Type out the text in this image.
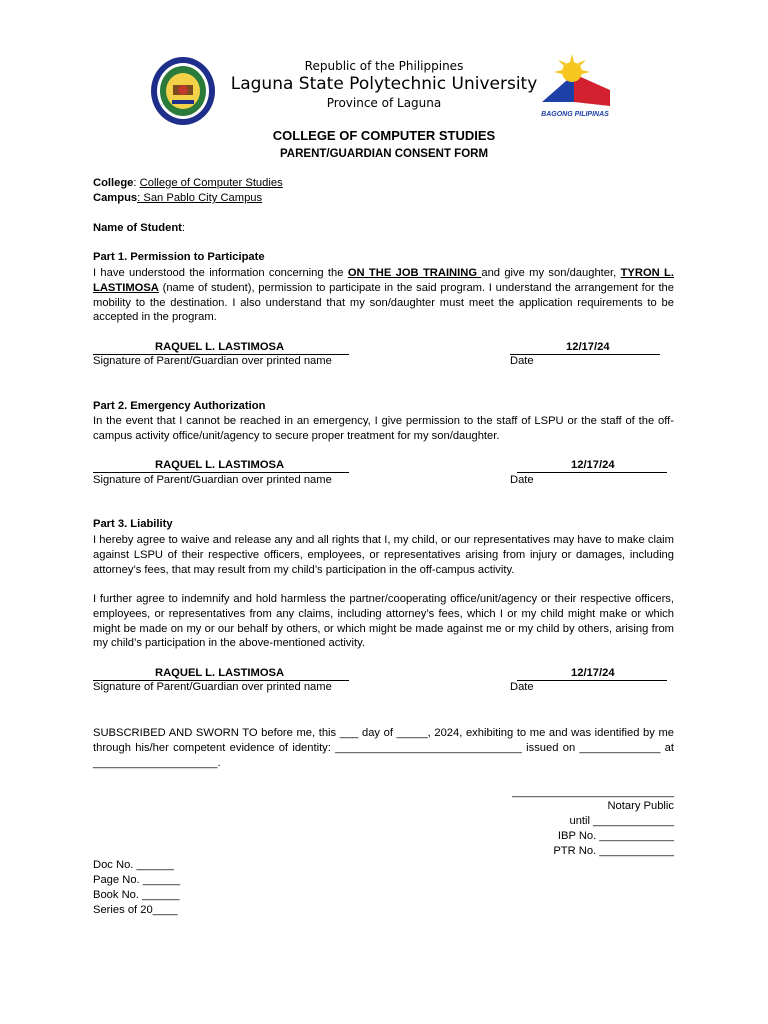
BAGONG PILIPINAS
Republic of the Philippines
Laguna State Polytechnic University
Province of Laguna
COLLEGE OF COMPUTER STUDIES
PARENT/GUARDIAN CONSENT FORM
College: College of Computer Studies
Campus: San Pablo City Campus
Name of Student:
Part 1. Permission to Participate
I have understood the information concerning the ON THE JOB TRAINING and give my son/daughter, TYRON L. LASTIMOSA (name of student), permission to participate in the said program. I understand the arrangement for the mobility to the destination. I also understand that my son/daughter must meet the application requirements to be accepted in the program.
RAQUEL L. LASTIMOSA
Signature of Parent/Guardian over printed name
12/17/24
Date
Part 2. Emergency Authorization
In the event that I cannot be reached in an emergency, I give permission to the staff of LSPU or the staff of the off-campus activity office/unit/agency to secure proper treatment for my son/daughter.
RAQUEL L. LASTIMOSA
Signature of Parent/Guardian over printed name
12/17/24
Date
Part 3. Liability
I hereby agree to waive and release any and all rights that I, my child, or our representatives may have to make claim against LSPU of their respective officers, employees, or representatives arising from injury or damages, including attorney’s fees, that may result from my child’s participation in the off-campus activity.
I further agree to indemnify and hold harmless the partner/cooperating office/unit/agency or their respective officers, employees, or representatives from any claims, including attorney’s fees, which I or my child might make or which might be made on my or our behalf by others, or which might be made against me or my child by others, arising from my child’s participation in the above-mentioned activity.
RAQUEL L. LASTIMOSA
Signature of Parent/Guardian over printed name
12/17/24
Date
SUBSCRIBED AND SWORN TO before me, this ___ day of _____, 2024, exhibiting to me and was identified by me through his/her competent evidence of identity: ______________________________ issued on _____________ at ____________________.
__________________________
Notary Public
until _____________
IBP No. ____________
PTR No. ____________
Doc No. ______
Page No. ______
Book No. ______
Series of 20____
